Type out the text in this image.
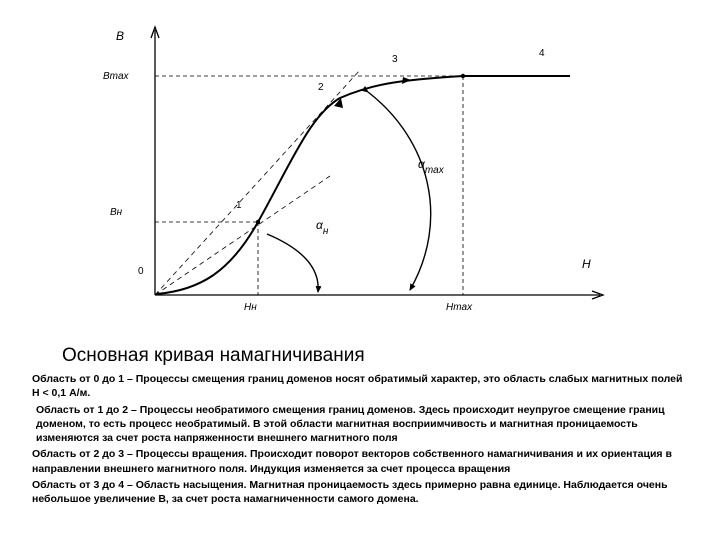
B
H
0
Bmax
Bн
Hн	Hmax
1
2
3
4
$\alpha_{max}$
$\alpha_н$
Основная кривая намагничивания

Область от 0 до 1 – Процессы смещения границ доменов носят обратимый характер, это область слабых магнитных полей H < 0,1 А/м.

Область от 1 до 2 – Процессы необратимого смещения границ доменов. Здесь происходит неупругое смещение границ доменом, то есть процесс необратимый. В этой области магнитная восприимчивость и магнитная проницаемость изменяются за счет роста напряженности внешнего магнитного поля

Область от 2 до 3 – Процессы вращения. Происходит поворот векторов собственного намагничивания и их ориентация в направлении внешнего магнитного поля. Индукция изменяется за счет процесса вращения

Область от 3 до 4 – Область насыщения. Магнитная проницаемость здесь примерно равна единице. Наблюдается очень небольшое увеличение B, за счет роста намагниченности самого домена.
